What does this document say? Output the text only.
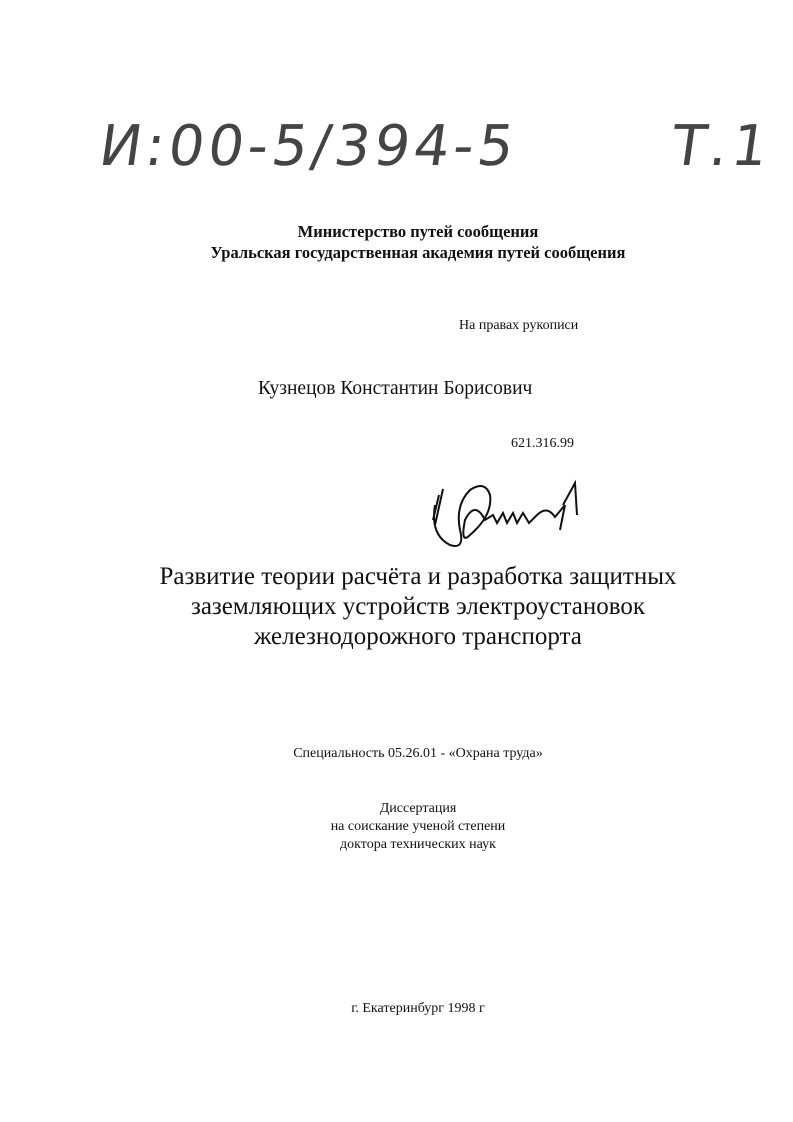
И:00-5/394-5	Т.1
Министерство путей сообщения
Уральская государственная академия путей сообщения
На правах рукописи
Кузнецов Константин Борисович
621.316.99
Развитие теории расчёта и разработка защитных
заземляющих устройств электроустановок
железнодорожного транспорта
Специальность 05.26.01 - «Охрана труда»
Диссертация
на соискание ученой степени
доктора технических наук
г. Екатеринбург 1998 г
